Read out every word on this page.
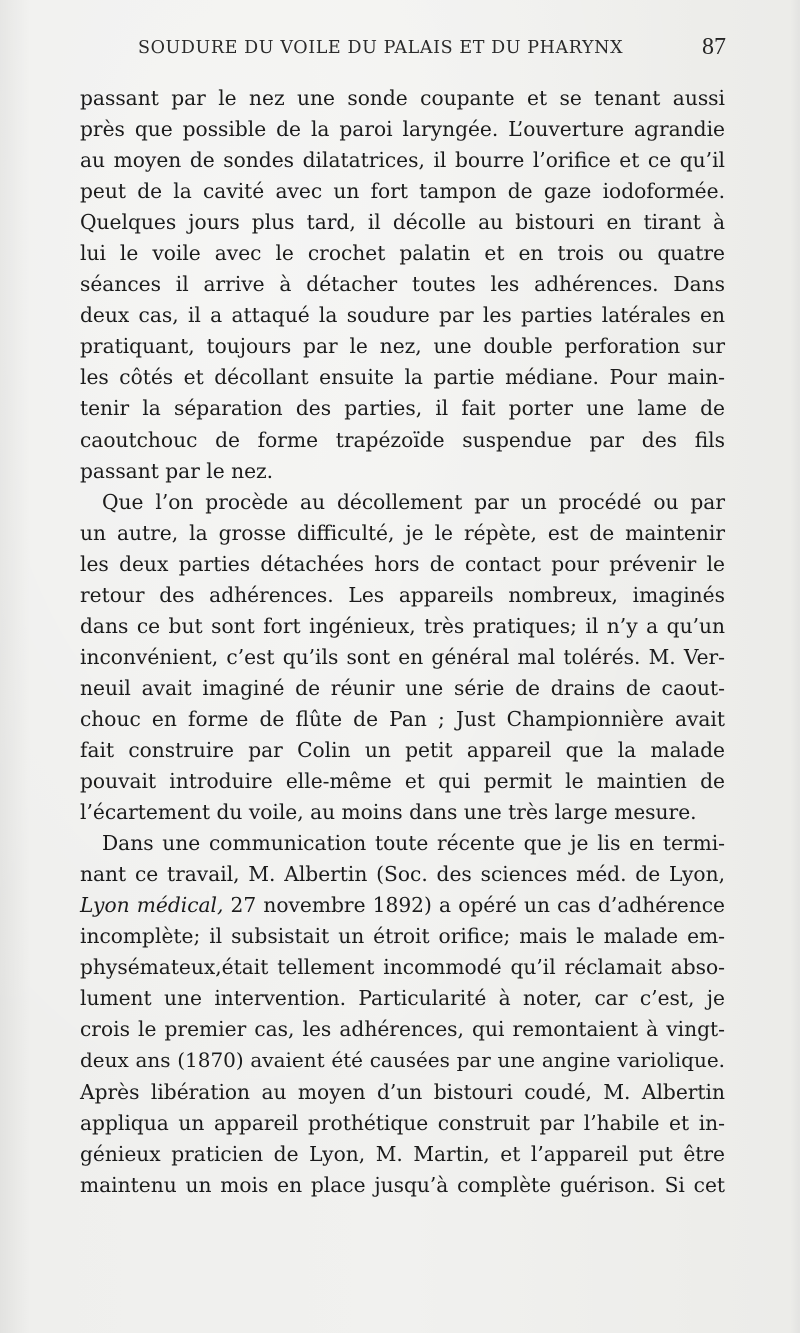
SOUDURE DU VOILE DU PALAIS ET DU PHARYNX	87
passant par le nez une sonde coupante et se tenant aussi
près que possible de la paroi laryngée. L’ouverture agrandie
au moyen de sondes dilatatrices, il bourre l’orifice et ce qu’il
peut de la cavité avec un fort tampon de gaze iodoformée.
Quelques jours plus tard, il décolle au bistouri en tirant à
lui le voile avec le crochet palatin et en trois ou quatre
séances il arrive à détacher toutes les adhérences. Dans
deux cas, il a attaqué la soudure par les parties latérales en
pratiquant, toujours par le nez, une double perforation sur
les côtés et décollant ensuite la partie médiane. Pour main-
tenir la séparation des parties, il fait porter une lame de
caoutchouc de forme trapézoïde suspendue par des fils
passant par le nez.
Que l’on procède au décollement par un procédé ou par
un autre, la grosse difficulté, je le répète, est de maintenir
les deux parties détachées hors de contact pour prévenir le
retour des adhérences. Les appareils nombreux, imaginés
dans ce but sont fort ingénieux, très pratiques; il n’y a qu’un
inconvénient, c’est qu’ils sont en général mal tolérés. M. Ver-
neuil avait imaginé de réunir une série de drains de caout-
chouc en forme de flûte de Pan ; Just Championnière avait
fait construire par Colin un petit appareil que la malade
pouvait introduire elle-même et qui permit le maintien de
l’écartement du voile, au moins dans une très large mesure.
Dans une communication toute récente que je lis en termi-
nant ce travail, M. Albertin (Soc. des sciences méd. de Lyon,
Lyon médical, 27 novembre 1892) a opéré un cas d’adhérence
incomplète; il subsistait un étroit orifice; mais le malade em-
physémateux,était tellement incommodé qu’il réclamait abso-
lument une intervention. Particularité à noter, car c’est, je
crois le premier cas, les adhérences, qui remontaient à vingt-
deux ans (1870) avaient été causées par une angine variolique.
Après libération au moyen d’un bistouri coudé, M. Albertin
appliqua un appareil prothétique construit par l’habile et in-
génieux praticien de Lyon, M. Martin, et l’appareil put être
maintenu un mois en place jusqu’à complète guérison. Si cet
